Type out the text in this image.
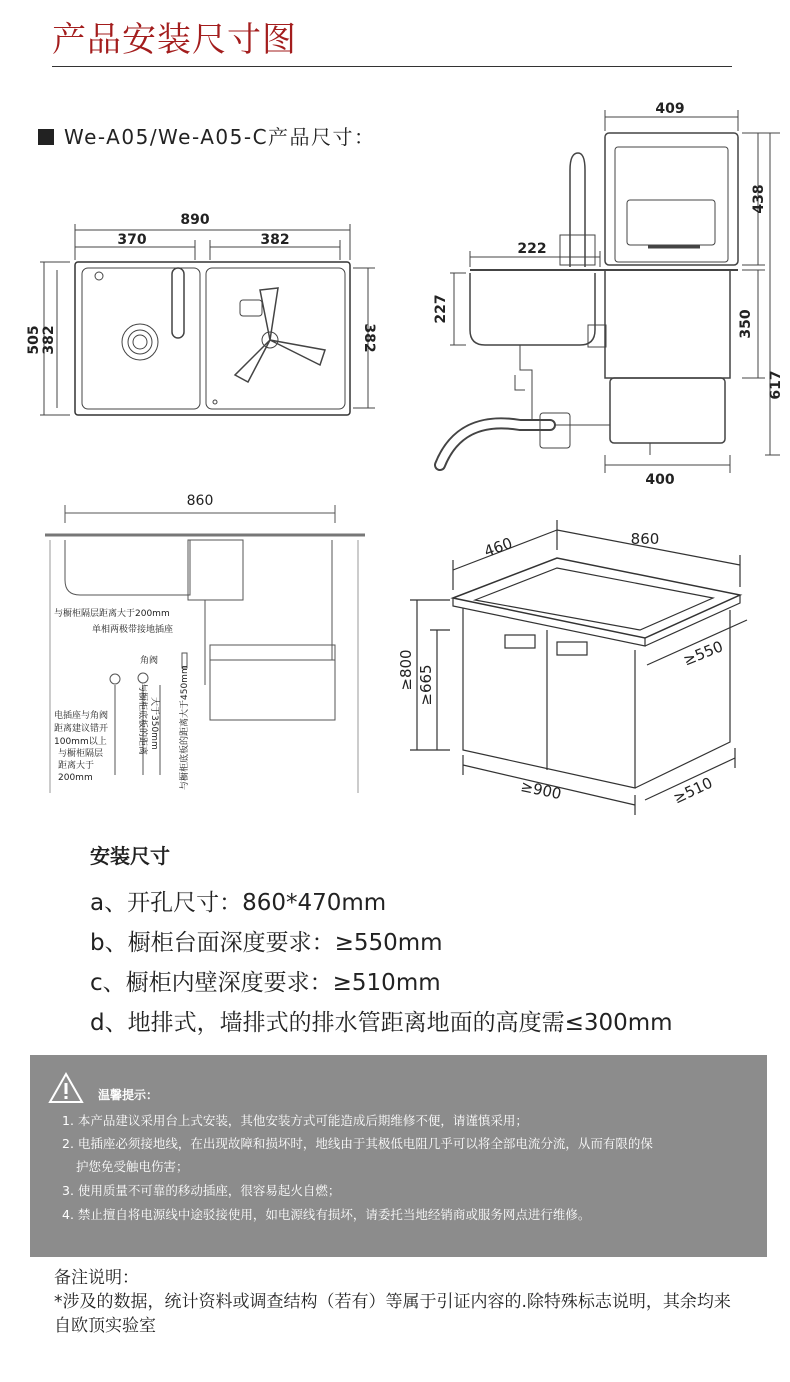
产品安装尺寸图
We-A05/We-A05-C产品尺寸：
890
370	382
505 382	382
409
438
222
227
350
617
400
860
与橱柜隔层距离大于200mm
单相两极带接地插座
角阀
电插座与角阀
距离建议错开
100mm以上
与橱柜隔层
距离大于
200mm
与橱柜底板的距离 大于350mm 与橱柜底板的距离大于450mm
460	860
≥550
≥800 ≥665
≥900	≥510
安装尺寸
a、开孔尺寸：860*470mm
b、橱柜台面深度要求：≥550mm
c、橱柜内壁深度要求：≥510mm
d、地排式，墙排式的排水管距离地面的高度需≤300mm
温馨提示：
1. 本产品建议采用台上式安装，其他安装方式可能造成后期维修不便，请谨慎采用；
2. 电插座必须接地线，在出现故障和损坏时，地线由于其极低电阻几乎可以将全部电流分流，从而有限的保
护您免受触电伤害；
3. 使用质量不可靠的移动插座，很容易起火自燃；
4. 禁止擅自将电源线中途驳接使用，如电源线有损坏，请委托当地经销商或服务网点进行维修。
备注说明：
*涉及的数据，统计资料或调查结构（若有）等属于引证内容的.除特殊标志说明，其余均来自欧顶实验室
